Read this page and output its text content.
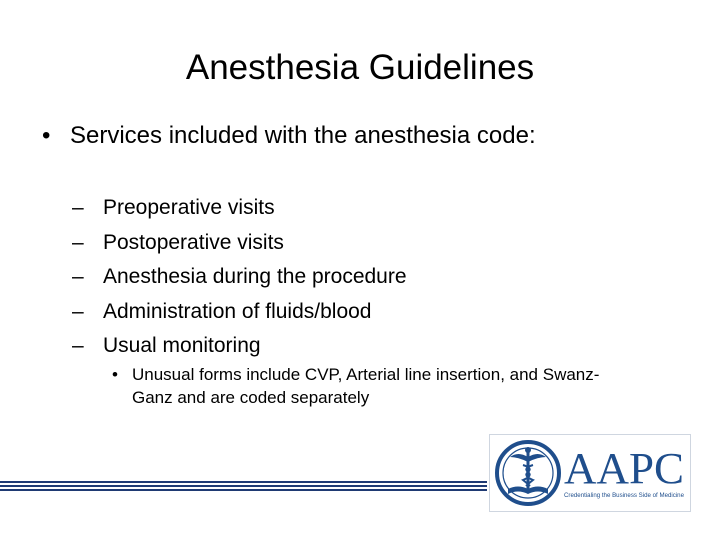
Anesthesia Guidelines
• Services included with the anesthesia code:
– Preoperative visits
– Postoperative visits
– Anesthesia during the procedure
– Administration of fluids/blood
– Usual monitoring
• Unusual forms include CVP, Arterial line insertion, and Swanz-Ganz and are coded separately
AAPC
Credentialing the Business Side of Medicine
